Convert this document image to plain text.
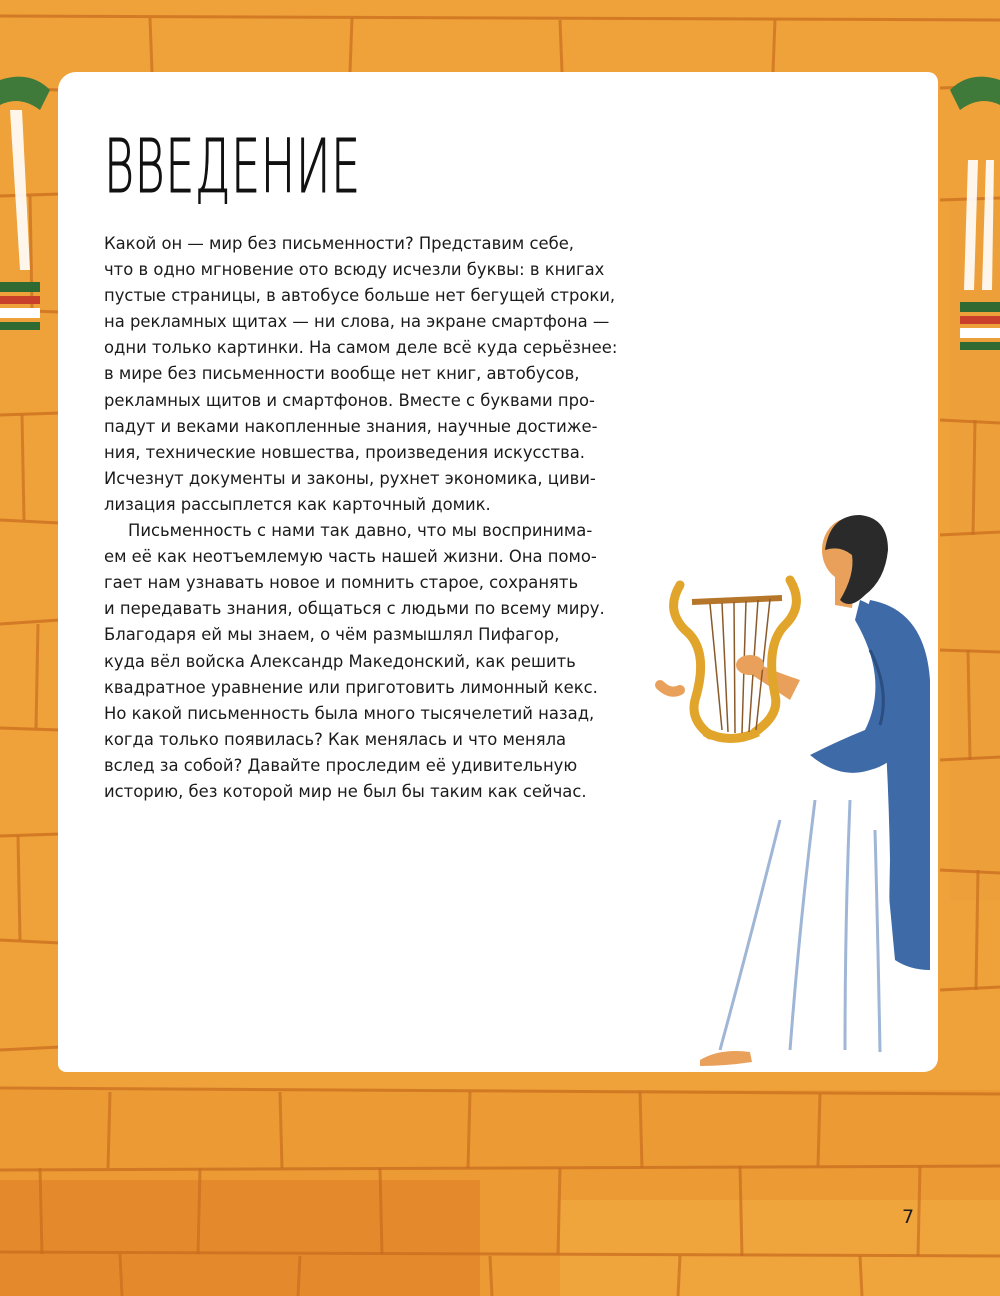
ВВЕДЕНИЕ

Какой он — мир без письменности? Представим себе,
что в одно мгновение ото всюду исчезли буквы: в книгах
пустые страницы, в автобусе больше нет бегущей строки,
на рекламных щитах — ни слова, на экране смартфона —
одни только картинки. На самом деле всё куда серьёзнее:
в мире без письменности вообще нет книг, автобусов,
рекламных щитов и смартфонов. Вместе с буквами про-
падут и веками накопленные знания, научные достиже-
ния, технические новшества, произведения искусства.
Исчезнут документы и законы, рухнет экономика, циви-
лизация рассыплется как карточный домик.

Письменность с нами так давно, что мы воспринима-
ем её как неотъемлемую часть нашей жизни. Она помо-
гает нам узнавать новое и помнить старое, сохранять
и передавать знания, общаться с людьми по всему миру.
Благодаря ей мы знаем, о чём размышлял Пифагор,
куда вёл войска Александр Македонский, как решить
квадратное уравнение или приготовить лимонный кекс.
Но какой письменность была много тысячелетий назад,
когда только появилась? Как менялась и что меняла
вслед за собой? Давайте проследим её удивительную
историю, без которой мир не был бы таким как сейчас.

7
